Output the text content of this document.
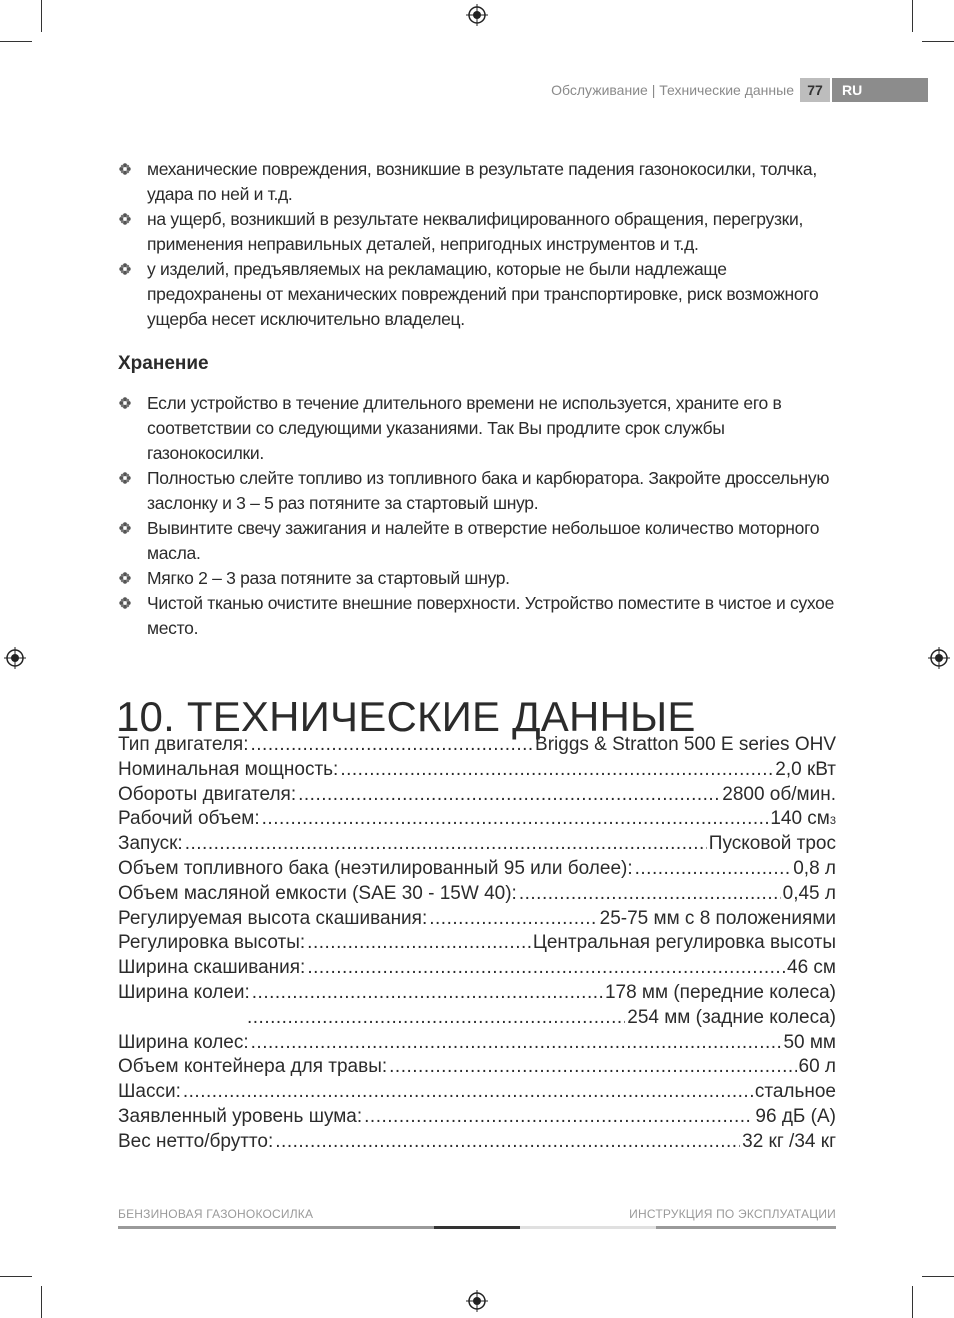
Обслуживание | Технические данные 77	RU
механические повреждения, возникшие в результате падения газонокосилки, толчка, удара по ней и т.д.
на ущерб, возникший в результате неквалифицированного обращения, перегрузки, применения неправильных деталей, непригодных инструментов и т.д.
у изделий, предъявляемых на рекламацию, которые не были надлежаще предохранены от механических повреждений при транспортировке, риск возможного ущерба несет исключительно владелец.
Хранение
Если устройство в течение длительного времени не используется, храните его в соответствии со следующими указаниями. Так Вы продлите срок службы газонокосилки.
Полностью слейте топливо из топливного бака и карбюратора. Закройте дроссельную заслонку и 3 – 5 раз потяните за стартовый шнур.
Вывинтите свечу зажигания и налейте в отверстие небольшое количество моторного масла.
Мягко 2 – 3 раза потяните за стартовый шнур.
Чистой тканью очистите внешние поверхности. Устройство поместите в чистое и сухое место.
10. ТЕХНИЧЕСКИЕ ДАННЫЕ
Тип двигателя: .....	Briggs & Stratton 500 E series OHV
Номинальная мощность: .....	2,0 кВт
Обороты двигателя: .....	2800 об/мин.
Рабочий объем: .....	140 см 3
Запуск: .....	Пусковой трос
Объем топливного бака (неэтилированный 95 или более): .....	0,8 л
Объем масляной емкости (SAE 30 - 15W 40): .....	0,45 л
Регулируемая высота скашивания: .....	25-75 мм с 8 положениями
Регулировка высоты: .....	Центральная регулировка высоты
Ширина скашивания: .....	46 см
Ширина колеи: .....	178 мм (передние колеса)
.....
254 мм (задние колеса)
Ширина колес: .....	50 мм
Объем контейнера для травы: .....	60 л
Шасси: .....	стальное
Заявленный уровень шума: .....	96 дБ (А)
Вес нетто/брутто: .....	32 кг /34 кг
БЕНЗИНОВАЯ ГАЗОНОКОСИЛКА	ИНСТРУКЦИЯ ПО ЭКСПЛУАТАЦИИ
